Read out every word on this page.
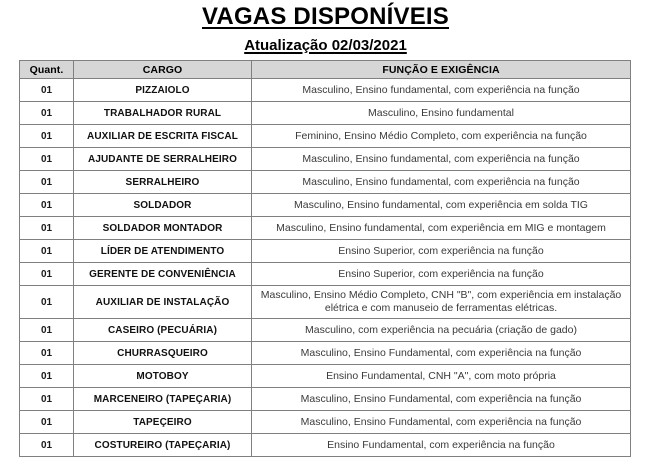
VAGAS DISPONÍVEIS
Atualização 02/03/2021
Quant.	CARGO	FUNÇÃO E EXIGÊNCIA
01	PIZZAIOLO	Masculino, Ensino fundamental, com experiência na função
01	TRABALHADOR RURAL	Masculino, Ensino fundamental
01	AUXILIAR DE ESCRITA FISCAL	Feminino, Ensino Médio Completo, com experiência na função
01	AJUDANTE DE SERRALHEIRO	Masculino, Ensino fundamental, com experiência na função
01	SERRALHEIRO	Masculino, Ensino fundamental, com experiência na função
01	SOLDADOR	Masculino, Ensino fundamental, com experiência em solda TIG
01	SOLDADOR MONTADOR	Masculino, Ensino fundamental, com experiência em MIG e montagem
01	LÍDER DE ATENDIMENTO	Ensino Superior, com experiência na função
01	GERENTE DE CONVENIÊNCIA	Ensino Superior, com experiência na função
01	AUXILIAR DE INSTALAÇÃO	Masculino, Ensino Médio Completo, CNH "B", com experiência em instalação
elétrica e com manuseio de ferramentas elétricas.

01	CASEIRO (PECUÁRIA)	Masculino, com experiência na pecuária (criação de gado)
01	CHURRASQUEIRO	Masculino, Ensino Fundamental, com experiência na função
01	MOTOBOY	Ensino Fundamental, CNH "A", com moto própria
01	MARCENEIRO (TAPEÇARIA)	Masculino, Ensino Fundamental, com experiência na função
01	TAPEÇEIRO	Masculino, Ensino Fundamental, com experiência na função
01	COSTUREIRO (TAPEÇARIA)	Ensino Fundamental, com experiência na função
